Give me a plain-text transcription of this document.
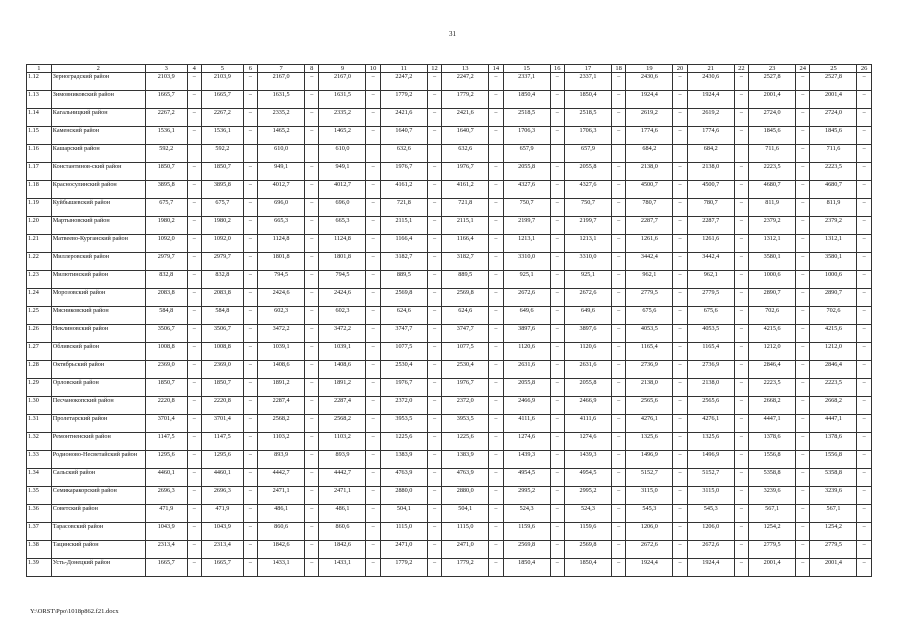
31
1	2	3	4	5	6	7	8	9	10	11	12	13	14	15	16	17	18	19	20	21	22	23	24	25	26
1.12	Зерноградский район	2103,9	–	2103,9	–	2167,0	–	2167,0	–	2247,2	–	2247,2	–	2337,1	–	2337,1	–	2430,6	–	2430,6	–	2527,8	–	2527,8	–
1.13	Зимовниковский район	1665,7	–	1665,7	–	1631,5	–	1631,5	–	1779,2	–	1779,2	–	1850,4	–	1850,4	–	1924,4	–	1924,4	–	2001,4	–	2001,4	–
1.14	Кагальницкий район	2267,2	–	2267,2	–	2335,2	–	2335,2	–	2421,6	–	2421,6	–	2518,5	–	2518,5	–	2619,2	–	2619,2	–	2724,0	–	2724,0	–
1.15	Каменский район	1536,1	–	1536,1	–	1465,2	–	1465,2	–	1640,7	–	1640,7	–	1706,3	–	1706,3	–	1774,6	–	1774,6	–	1845,6	–	1845,6	–
1.16	Кашарский район	592,2		592,2		610,0		610,0		632,6		632,6		657,9		657,9		684,2		684,2		711,6	–	711,6	–
1.17	Константинов-ский район	1850,7	–	1850,7	–	949,1	–	949,1	–	1976,7	–	1976,7	–	2055,8	–	2055,8	–	2138,0	–	2138,0	–	2223,5	–	2223,5	–
1.18	Красносулинский район	3895,8	–	3895,8	–	4012,7	–	4012,7	–	4161,2	–	4161,2	–	4327,6	–	4327,6	–	4500,7	–	4500,7	–	4680,7	–	4680,7	–
1.19	Куйбышевский район	675,7	–	675,7	–	696,0	–	696,0	–	721,8	–	721,8	–	750,7	–	750,7	–	780,7	–	780,7	–	811,9	–	811,9	–
1.20	Мартыновский район	1980,2	–	1980,2	–	665,3	–	665,3	–	2115,1	–	2115,1	–	2199,7	–	2199,7	–	2287,7	–	2287,7	–	2379,2	–	2379,2	–
1.21	Матвеево-Курганский район	1092,0	–	1092,0	–	1124,8	–	1124,8	–	1166,4	–	1166,4	–	1213,1	–	1213,1	–	1261,6	–	1261,6	–	1312,1	–	1312,1	–
1.22	Миллеровский район	2979,7	–	2979,7	–	1801,8	–	1801,8	–	3182,7	–	3182,7	–	3310,0	–	3310,0	–	3442,4	–	3442,4	–	3580,1	–	3580,1	–
1.23	Милютинский район	832,8	–	832,8	–	794,5	–	794,5	–	889,5	–	889,5	–	925,1	–	925,1	–	962,1	–	962,1	–	1000,6	–	1000,6	–
1.24	Морозовский район	2083,8	–	2083,8	–	2424,6	–	2424,6	–	2569,8	–	2569,8	–	2672,6	–	2672,6	–	2779,5	–	2779,5	–	2890,7	–	2890,7	–
1.25	Мясниковский район	584,8	–	584,8	–	602,3	–	602,3	–	624,6	–	624,6	–	649,6	–	649,6	–	675,6	–	675,6	–	702,6	–	702,6	–
1.26	Неклиновский район	3506,7	–	3506,7	–	3472,2	–	3472,2	–	3747,7	–	3747,7	–	3897,6	–	3897,6	–	4053,5	–	4053,5	–	4215,6	–	4215,6	–
1.27	Обливский район	1008,8	–	1008,8	–	1039,1	–	1039,1	–	1077,5	–	1077,5	–	1120,6	–	1120,6	–	1165,4	–	1165,4	–	1212,0	–	1212,0	–
1.28	Октябрьский район	2369,0	–	2369,0	–	1408,6	–	1408,6	–	2530,4	–	2530,4	–	2631,6	–	2631,6	–	2736,9	–	2736,9	–	2846,4	–	2846,4	–
1.29	Орловский район	1850,7	–	1850,7	–	1891,2	–	1891,2	–	1976,7	–	1976,7	–	2055,8	–	2055,8	–	2138,0	–	2138,0	–	2223,5	–	2223,5	–
1.30	Песчанокопский район	2220,8	–	2220,8	–	2287,4	–	2287,4	–	2372,0	–	2372,0	–	2466,9	–	2466,9	–	2565,6	–	2565,6	–	2668,2	–	2668,2	–
1.31	Пролетарский район	3701,4	–	3701,4	–	2568,2	–	2568,2	–	3953,5	–	3953,5	–	4111,6	–	4111,6	–	4276,1	–	4276,1	–	4447,1	–	4447,1	–
1.32	Ремонтненский район	1147,5	–	1147,5	–	1103,2	–	1103,2	–	1225,6	–	1225,6	–	1274,6	–	1274,6	–	1325,6	–	1325,6	–	1378,6	–	1378,6	–
1.33	Родионово-Несветайский район	1295,6	–	1295,6	–	893,9	–	893,9	–	1383,9	–	1383,9	–	1439,3	–	1439,3	–	1496,9	–	1496,9	–	1556,8	–	1556,8	–
1.34	Сальский район	4460,1	–	4460,1	–	4442,7	–	4442,7	–	4763,9	–	4763,9	–	4954,5	–	4954,5	–	5152,7	–	5152,7	–	5358,8	–	5358,8	–
1.35	Семикаракорский район	2696,3	–	2696,3	–	2471,1	–	2471,1	–	2880,0	–	2880,0	–	2995,2	–	2995,2	–	3115,0	–	3115,0	–	3239,6	–	3239,6	–
1.36	Советский район	471,9	–	471,9	–	486,1	–	486,1	–	504,1	–	504,1	–	524,3	–	524,3	–	545,3	–	545,3	–	567,1	–	567,1	–
1.37	Тарасовский район	1043,9	–	1043,9	–	860,6	–	860,6	–	1115,0	–	1115,0	–	1159,6	–	1159,6	–	1206,0	–	1206,0	–	1254,2	–	1254,2	–
1.38	Тацинский район	2313,4	–	2313,4	–	1842,6	–	1842,6	–	2471,0	–	2471,0	–	2569,8	–	2569,8	–	2672,6	–	2672,6	–	2779,5	–	2779,5	–
1.39	Усть-Донецкий район	1665,7	–	1665,7	–	1433,1	–	1433,1	–	1779,2	–	1779,2	–	1850,4	–	1850,4	–	1924,4	–	1924,4	–	2001,4	–	2001,4	–
Y:\ORST\Ppo\1018p862.f21.docx
